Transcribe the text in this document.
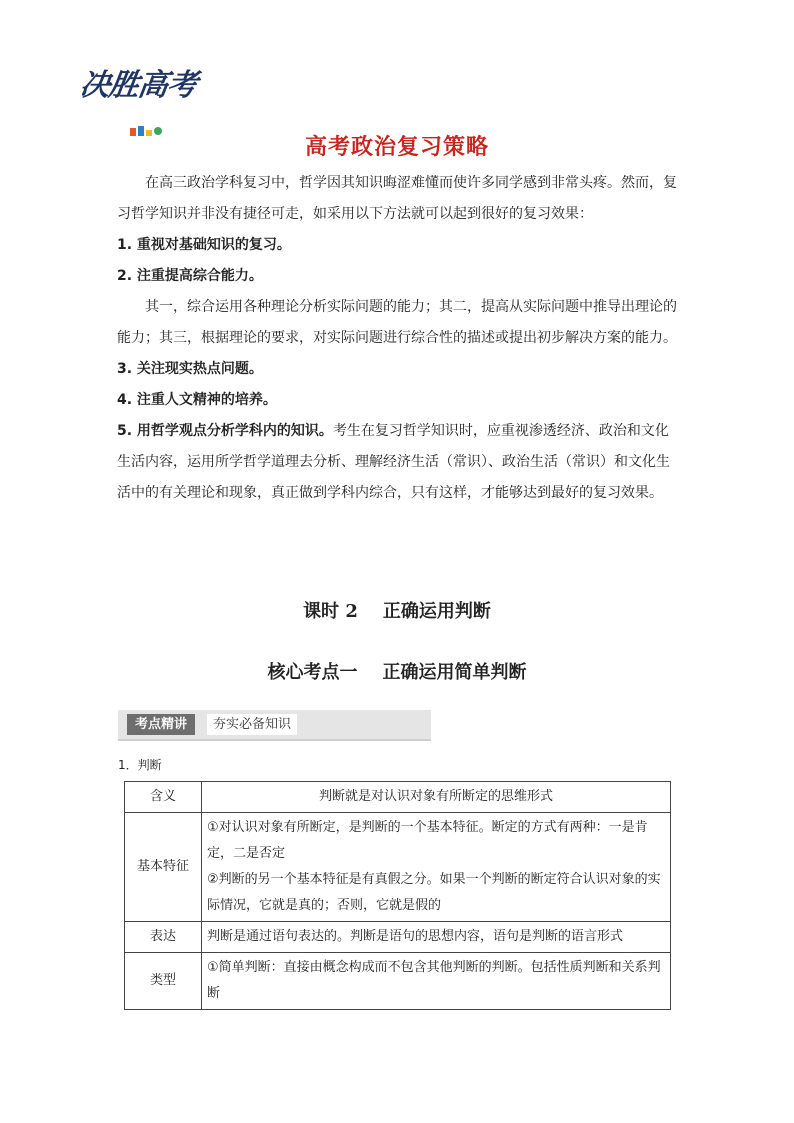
决胜高考
高考政治复习策略

在高三政治学科复习中，哲学因其知识晦涩难懂而使许多同学感到非常头疼。然而，复习哲学知识并非没有捷径可走，如采用以下方法就可以起到很好的复习效果：

1. 重视对基础知识的复习。

2. 注重提高综合能力。

其一，综合运用各种理论分析实际问题的能力；其二，提高从实际问题中推导出理论的能力；其三，根据理论的要求，对实际问题进行综合性的描述或提出初步解决方案的能力。

3. 关注现实热点问题。

4. 注重人文精神的培养。

5. 用哲学观点分析学科内的知识。考生在复习哲学知识时，应重视渗透经济、政治和文化生活内容，运用所学哲学道理去分析、理解经济生活（常识）、政治生活（常识）和文化生活中的有关理论和现象，真正做到学科内综合，只有这样，才能够达到最好的复习效果。

课时 2    正确运用判断
核心考点一    正确运用简单判断
考点精讲	夯实必备知识
1．判断
含义	判断就是对认识对象有所断定的思维形式
基本特征	①对认识对象有所断定，是判断的一个基本特征。断定的方式有两种：一是肯定，二是否定
②判断的另一个基本特征是有真假之分。如果一个判断的断定符合认识对象的实际情况，它就是真的；否则，它就是假的

表达	判断是通过语句表达的。判断是语句的思想内容，语句是判断的语言形式
类型	①简单判断：直接由概念构成而不包含其他判断的判断。包括性质判断和关系判断
